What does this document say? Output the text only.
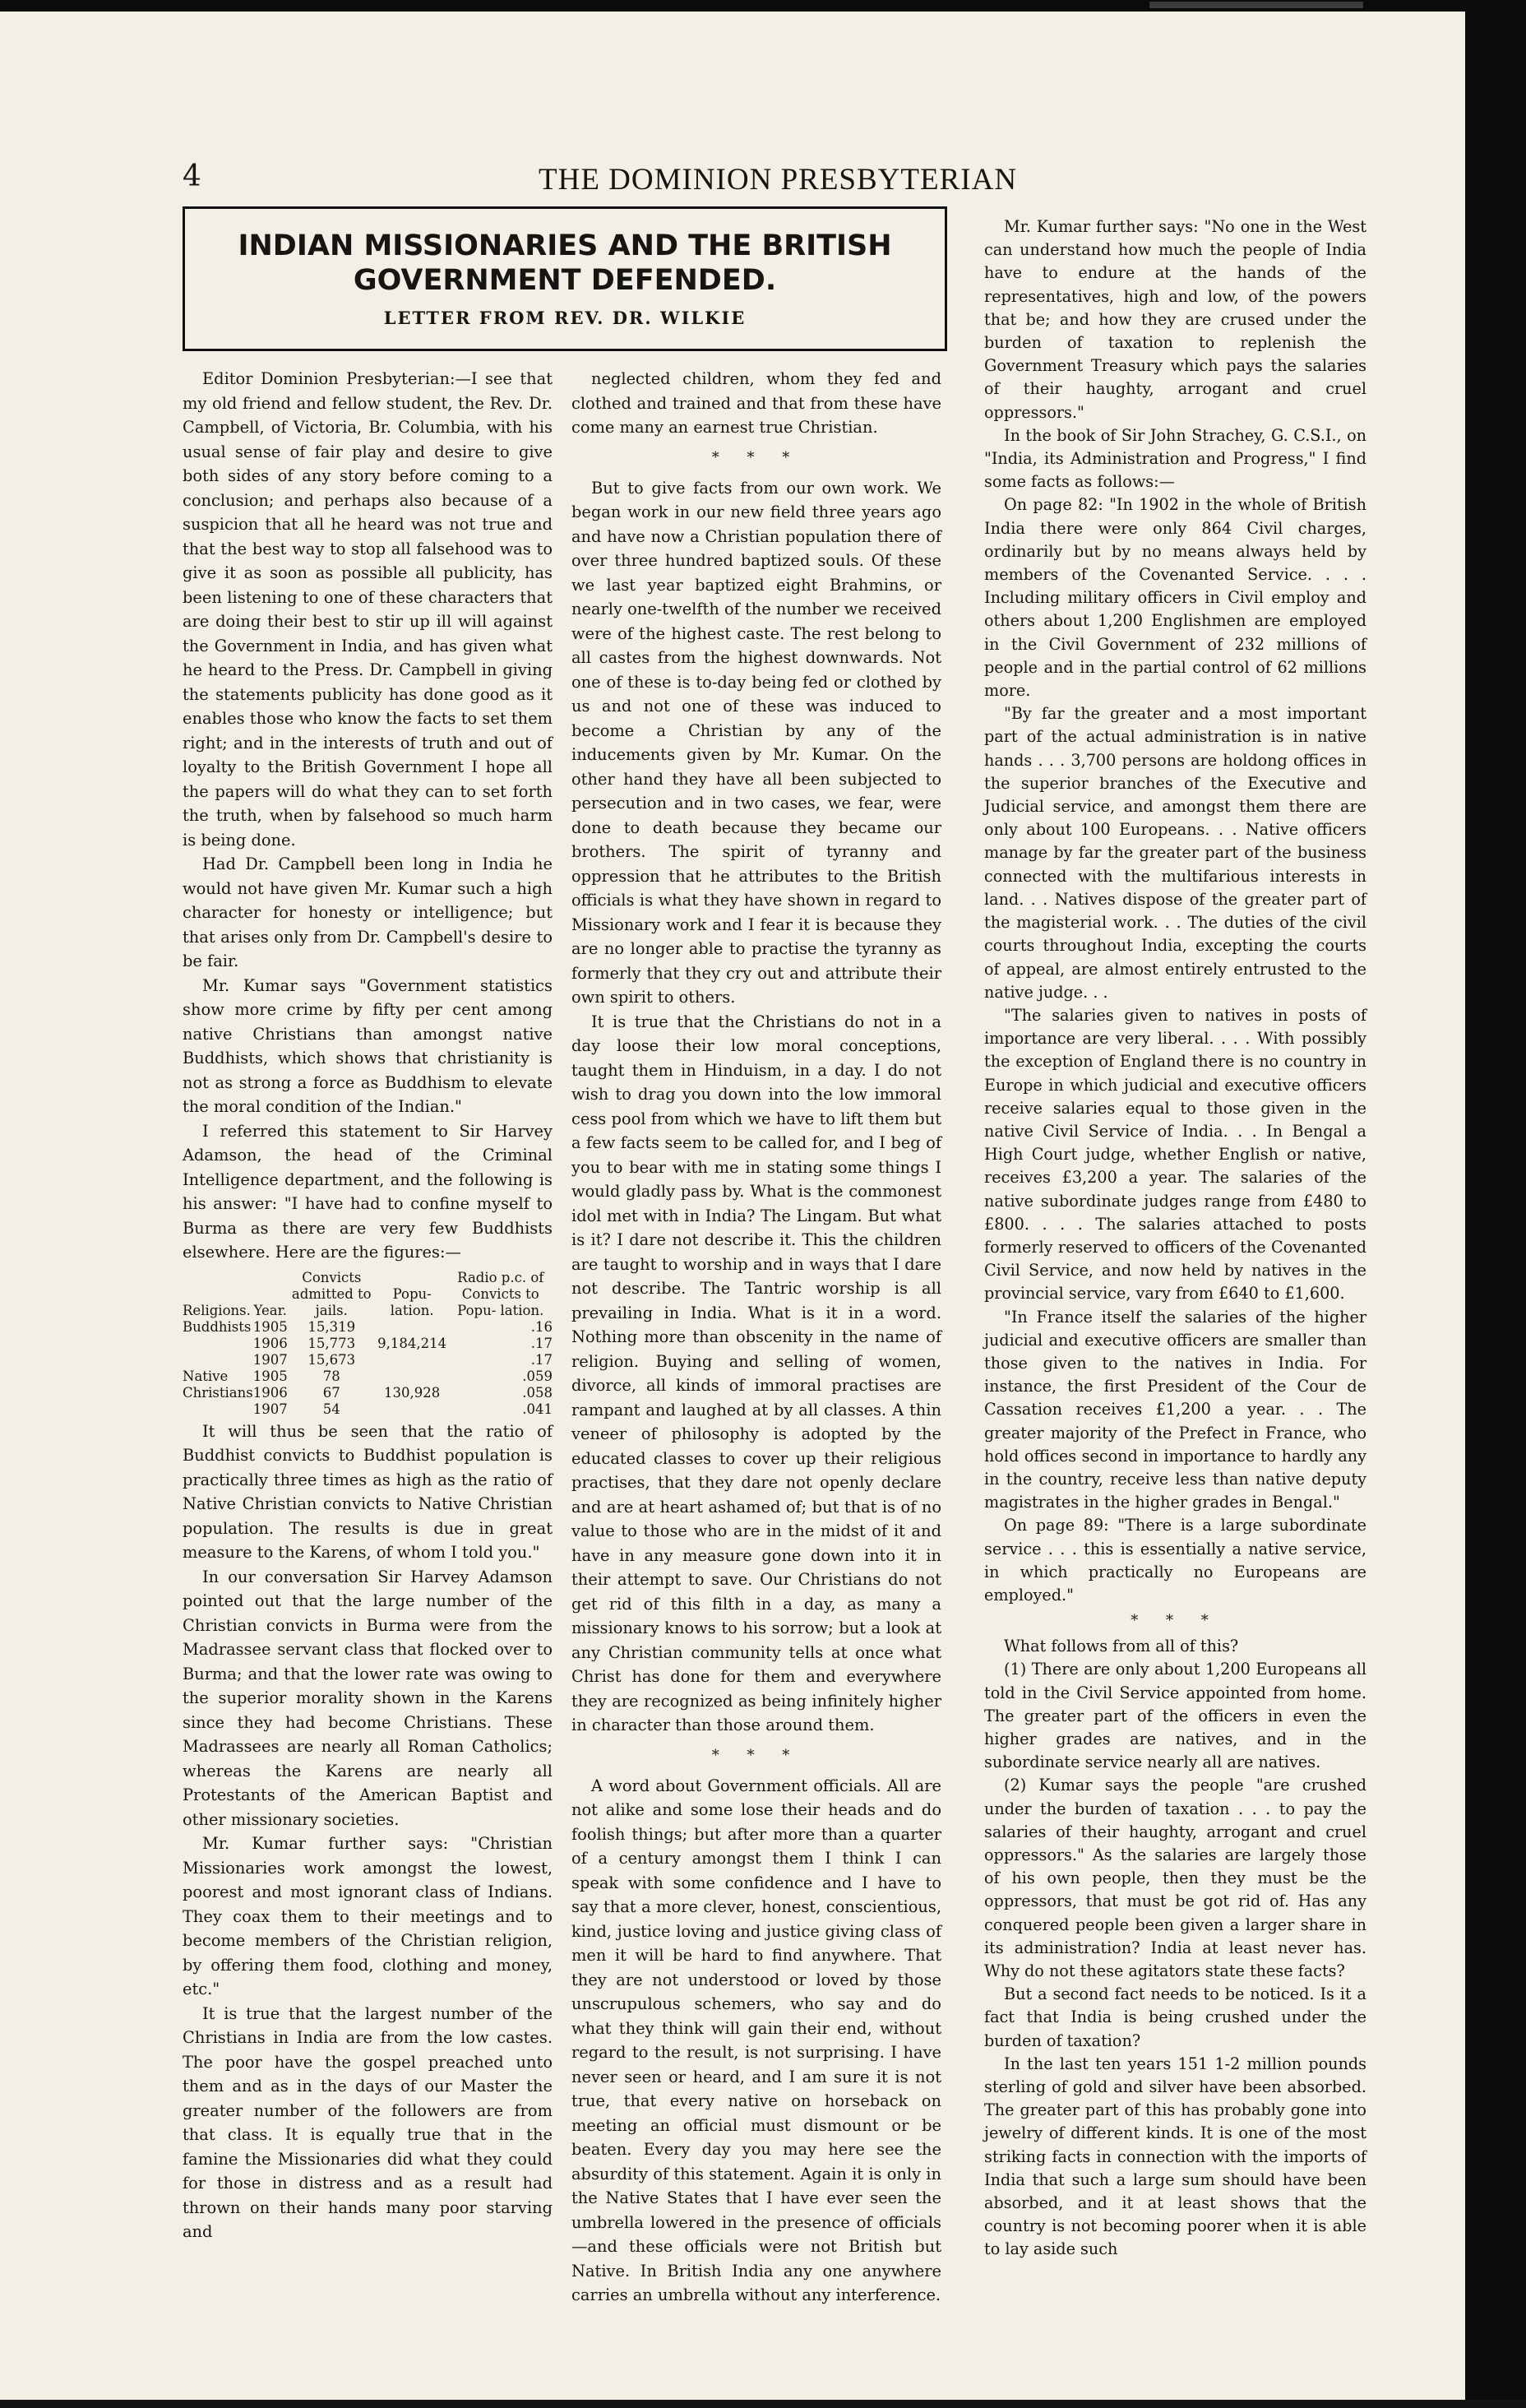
4	THE DOMINION PRESBYTERIAN
INDIAN MISSIONARIES AND THE BRITISH
GOVERNMENT DEFENDED.
LETTER FROM REV. DR. WILKIE

Editor Dominion Presbyterian:—I see that my old friend and fellow student, the Rev. Dr. Campbell, of Victoria, Br. Columbia, with his usual sense of fair play and desire to give both sides of any story before coming to a conclusion; and perhaps also because of a suspicion that all he heard was not true and that the best way to stop all falsehood was to give it as soon as possible all publicity, has been listening to one of these characters that are doing their best to stir up ill will against the Government in India, and has given what he heard to the Press. Dr. Campbell in giving the statements publicity has done good as it enables those who know the facts to set them right; and in the interests of truth and out of loyalty to the British Government I hope all the papers will do what they can to set forth the truth, when by falsehood so much harm is being done.

Had Dr. Campbell been long in India he would not have given Mr. Kumar such a high character for honesty or intelligence; but that arises only from Dr. Campbell's desire to be fair.

Mr. Kumar says "Government statistics show more crime by fifty per cent among native Christians than amongst native Buddhists, which shows that christianity is not as strong a force as Buddhism to elevate the moral condition of the Indian."

I referred this statement to Sir Harvey Adamson, the head of the Criminal Intelligence department, and the following is his answer: "I have had to confine myself to Burma as there are very few Buddhists elsewhere. Here are the figures:—

Religions.	Year.	Convicts admitted to jails.	Popu- lation.	Radio p.c. of Convicts to Popu- lation.
Buddhists	1905	15,319		.16
	1906	15,773	9,184,214	.17
	1907	15,673		.17
Native	1905	78		.059
Christians	1906	67	130,928	.058
	1907	54		.041

It will thus be seen that the ratio of Buddhist convicts to Buddhist population is practically three times as high as the ratio of Native Christian convicts to Native Christian population. The results is due in great measure to the Karens, of whom I told you."

In our conversation Sir Harvey Adamson pointed out that the large number of the Christian convicts in Burma were from the Madrassee servant class that flocked over to Burma; and that the lower rate was owing to the superior morality shown in the Karens since they had become Christians. These Madrassees are nearly all Roman Catholics; whereas the Karens are nearly all Protestants of the American Baptist and other missionary societies.

Mr. Kumar further says: "Christian Missionaries work amongst the lowest, poorest and most ignorant class of Indians. They coax them to their meetings and to become members of the Christian religion, by offering them food, clothing and money, etc."

It is true that the largest number of the Christians in India are from the low castes. The poor have the gospel preached unto them and as in the days of our Master the greater number of the followers are from that class. It is equally true that in the famine the Missionaries did what they could for those in distress and as a result had thrown on their hands many poor starving and

neglected children, whom they fed and clothed and trained and that from these have come many an earnest true Christian.

* * *

But to give facts from our own work. We began work in our new field three years ago and have now a Christian population there of over three hundred baptized souls. Of these we last year baptized eight Brahmins, or nearly one-twelfth of the number we received were of the highest caste. The rest belong to all castes from the highest downwards. Not one of these is to-day being fed or clothed by us and not one of these was induced to become a Christian by any of the inducements given by Mr. Kumar. On the other hand they have all been subjected to persecution and in two cases, we fear, were done to death because they became our brothers. The spirit of tyranny and oppression that he attributes to the British officials is what they have shown in regard to Missionary work and I fear it is because they are no longer able to practise the tyranny as formerly that they cry out and attribute their own spirit to others.

It is true that the Christians do not in a day loose their low moral conceptions, taught them in Hinduism, in a day. I do not wish to drag you down into the low immoral cess pool from which we have to lift them but a few facts seem to be called for, and I beg of you to bear with me in stating some things I would gladly pass by. What is the commonest idol met with in India? The Lingam. But what is it? I dare not describe it. This the children are taught to worship and in ways that I dare not describe. The Tantric worship is all prevailing in India. What is it in a word. Nothing more than obscenity in the name of religion. Buying and selling of women, divorce, all kinds of immoral practises are rampant and laughed at by all classes. A thin veneer of philosophy is adopted by the educated classes to cover up their religious practises, that they dare not openly declare and are at heart ashamed of; but that is of no value to those who are in the midst of it and have in any measure gone down into it in their attempt to save. Our Christians do not get rid of this filth in a day, as many a missionary knows to his sorrow; but a look at any Christian community tells at once what Christ has done for them and everywhere they are recognized as being infinitely higher in character than those around them.

* * *

A word about Government officials. All are not alike and some lose their heads and do foolish things; but after more than a quarter of a century amongst them I think I can speak with some confidence and I have to say that a more clever, honest, conscientious, kind, justice loving and justice giving class of men it will be hard to find anywhere. That they are not understood or loved by those unscrupulous schemers, who say and do what they think will gain their end, without regard to the result, is not surprising. I have never seen or heard, and I am sure it is not true, that every native on horseback on meeting an official must dismount or be beaten. Every day you may here see the absurdity of this statement. Again it is only in the Native States that I have ever seen the umbrella lowered in the presence of officials—and these officials were not British but Native. In British India any one anywhere carries an umbrella without any interference.

Mr. Kumar further says: "No one in the West can understand how much the people of India have to endure at the hands of the representatives, high and low, of the powers that be; and how they are crused under the burden of taxation to replenish the Government Treasury which pays the salaries of their haughty, arrogant and cruel oppressors."

In the book of Sir John Strachey, G. C.S.I., on "India, its Administration and Progress," I find some facts as follows:—

On page 82: "In 1902 in the whole of British India there were only 864 Civil charges, ordinarily but by no means always held by members of the Covenanted Service. . . . Including military officers in Civil employ and others about 1,200 Englishmen are employed in the Civil Government of 232 millions of people and in the partial control of 62 millions more.

"By far the greater and a most important part of the actual administration is in native hands . . . 3,700 persons are holdong offices in the superior branches of the Executive and Judicial service, and amongst them there are only about 100 Europeans. . . Native officers manage by far the greater part of the business connected with the multifarious interests in land. . . Natives dispose of the greater part of the magisterial work. . . The duties of the civil courts throughout India, excepting the courts of appeal, are almost entirely entrusted to the native judge. . .

"The salaries given to natives in posts of importance are very liberal. . . . With possibly the exception of England there is no country in Europe in which judicial and executive officers receive salaries equal to those given in the native Civil Service of India. . . In Bengal a High Court judge, whether English or native, receives £3,200 a year. The salaries of the native subordinate judges range from £480 to £800. . . . The salaries attached to posts formerly reserved to officers of the Covenanted Civil Service, and now held by natives in the provincial service, vary from £640 to £1,600.

"In France itself the salaries of the higher judicial and executive officers are smaller than those given to the natives in India. For instance, the first President of the Cour de Cassation receives £1,200 a year. . . The greater majority of the Prefect in France, who hold offices second in importance to hardly any in the country, receive less than native deputy magistrates in the higher grades in Bengal."

On page 89: "There is a large subordinate service . . . this is essentially a native service, in which practically no Europeans are employed."

* * *

What follows from all of this?

(1) There are only about 1,200 Europeans all told in the Civil Service appointed from home. The greater part of the officers in even the higher grades are natives, and in the subordinate service nearly all are natives.

(2) Kumar says the people "are crushed under the burden of taxation . . . to pay the salaries of their haughty, arrogant and cruel oppressors." As the salaries are largely those of his own people, then they must be the oppressors, that must be got rid of. Has any conquered people been given a larger share in its administration? India at least never has. Why do not these agitators state these facts?

But a second fact needs to be noticed. Is it a fact that India is being crushed under the burden of taxation?

In the last ten years 151 1-2 million pounds sterling of gold and silver have been absorbed. The greater part of this has probably gone into jewelry of different kinds. It is one of the most striking facts in connection with the imports of India that such a large sum should have been absorbed, and it at least shows that the country is not becoming poorer when it is able to lay aside such
